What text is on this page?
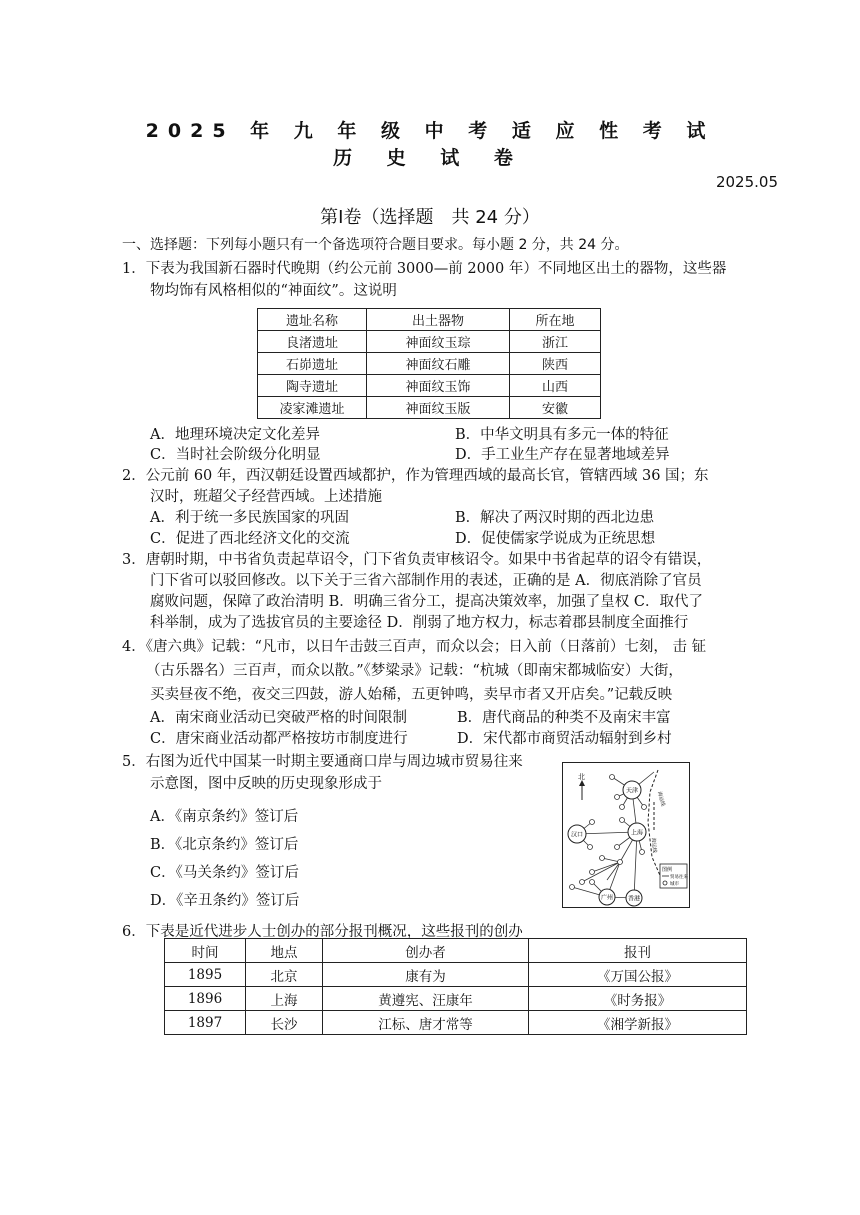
2025 年 九 年 级 中 考 适 应 性 考 试
历 史 试 卷
2025.05
第Ⅰ卷（选择题　共 24 分）
一、选择题：下列每小题只有一个备选项符合题目要求。每小题 2 分，共 24 分。
1．下表为我国新石器时代晚期（约公元前 3000—前 2000 年）不同地区出土的器物，这些器
物均饰有风格相似的“神面纹”。这说明
遗址名称	出土器物	所在地
良渚遗址	神面纹玉琮	浙江
石峁遗址	神面纹石雕	陕西
陶寺遗址	神面纹玉饰	山西
凌家滩遗址	神面纹玉版	安徽
A．地理环境决定文化差异	B．中华文明具有多元一体的特征
C．当时社会阶级分化明显	D．手工业生产存在显著地域差异
2．公元前 60 年，西汉朝廷设置西域都护，作为管理西域的最高长官，管辖西域 36 国；东
汉时，班超父子经营西域。上述措施
A．利于统一多民族国家的巩固	B．解决了两汉时期的西北边患
C．促进了西北经济文化的交流	D．促使儒家学说成为正统思想
3．唐朝时期，中书省负责起草诏令，门下省负责审核诏令。如果中书省起草的诏令有错误，
门下省可以驳回修改。以下关于三省六部制作用的表述，正确的是 A．彻底消除了官员
腐败问题，保障了政治清明 B．明确三省分工，提高决策效率，加强了皇权 C．取代了
科举制，成为了选拔官员的主要途径 D．削弱了地方权力，标志着郡县制度全面推行
4．《唐六典》记载：“凡市，以日午击鼓三百声，而众以会；日入前（日落前）七刻， 击 钲
（古乐器名）三百声，而众以散。”《梦粱录》记载：“杭城（即南宋都城临安）大街，
买卖昼夜不绝，夜交三四鼓，游人始稀，五更钟鸣，卖早市者又开店矣。”记载反映
A．南宋商业活动已突破严格的时间限制	B．唐代商品的种类不及南宋丰富
C．唐宋商业活动都严格按坊市制度进行	D．宋代都市商贸活动辐射到乡村
5．右图为近代中国某一时期主要通商口岸与周边城市贸易往来
示意图，图中反映的历史现象形成于
A．《南京条约》签订后
B．《北京条约》签订后
C．《马关条约》签订后
D．《辛丑条约》签订后
北
海运线
海运线
天津
汉口	上海
广州 香港
图例
贸易往来
城市
6．下表是近代进步人士创办的部分报刊概况，这些报刊的创办
时间	地点	创办者	报刊
1895	北京	康有为	《万国公报》
1896	上海	黄遵宪、汪康年	《时务报》
1897	长沙	江标、唐才常等	《湘学新报》
